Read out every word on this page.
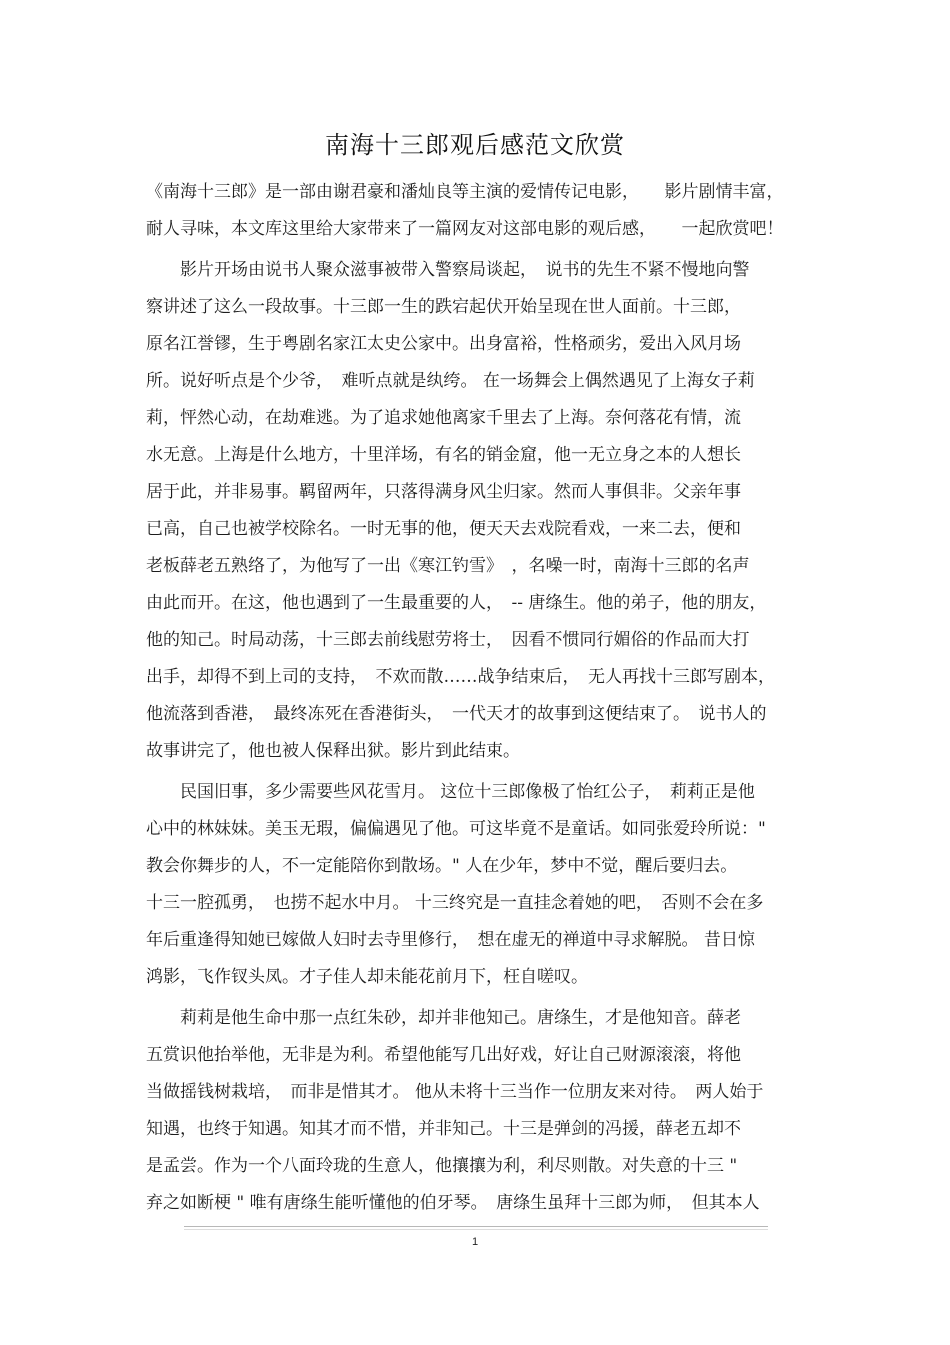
南海十三郎观后感范文欣赏
《南海十三郎》是一部由谢君豪和潘灿良等主演的爱情传记电影，　　影片剧情丰富，
耐人寻味，本文库这里给大家带来了一篇网友对这部电影的观后感，　　一起欣赏吧！
影片开场由说书人聚众滋事被带入警察局谈起，　说书的先生不紧不慢地向警
察讲述了这么一段故事。十三郎一生的跌宕起伏开始呈现在世人面前。十三郎，
原名江誉镠，生于粤剧名家江太史公家中。出身富裕，性格顽劣，爱出入风月场
所。说好听点是个少爷，　难听点就是纨绔。 在一场舞会上偶然遇见了上海女子莉
莉，怦然心动，在劫难逃。为了追求她他离家千里去了上海。奈何落花有情，流
水无意。上海是什么地方，十里洋场，有名的销金窟，他一无立身之本的人想长
居于此，并非易事。羁留两年，只落得满身风尘归家。然而人事俱非。父亲年事
已高，自己也被学校除名。一时无事的他，便天天去戏院看戏，一来二去，便和
老板薛老五熟络了，为他写了一出《寒江钓雪》　，名噪一时，南海十三郎的名声
由此而开。在这，他也遇到了一生最重要的人，　-- 唐绦生。他的弟子，他的朋友，
他的知己。时局动荡，十三郎去前线慰劳将士，　因看不惯同行媚俗的作品而大打
出手，却得不到上司的支持，　不欢而散……战争结束后，　无人再找十三郎写剧本，
他流落到香港，　最终冻死在香港街头，　一代天才的故事到这便结束了。　说书人的
故事讲完了，他也被人保释出狱。影片到此结束。
民国旧事，多少需要些风花雪月。 这位十三郎像极了怡红公子，　莉莉正是他
心中的林妹妹。美玉无瑕，偏偏遇见了他。可这毕竟不是童话。如同张爱玲所说："
教会你舞步的人，不一定能陪你到散场。" 人在少年，梦中不觉，醒后要归去。
十三一腔孤勇，　也捞不起水中月。 十三终究是一直挂念着她的吧，　否则不会在多
年后重逢得知她已嫁做人妇时去寺里修行，　想在虚无的禅道中寻求解脱。 昔日惊
鸿影，飞作钗头凤。才子佳人却未能花前月下，枉自嗟叹。
莉莉是他生命中那一点红朱砂，却并非他知己。唐绦生，才是他知音。薛老
五赏识他抬举他，无非是为利。希望他能写几出好戏，好让自己财源滚滚，将他
当做摇钱树栽培，　而非是惜其才。 他从未将十三当作一位朋友来对待。　两人始于
知遇，也终于知遇。知其才而不惜，并非知己。十三是弹剑的冯援，薛老五却不
是孟尝。作为一个八面玲珑的生意人，他攘攘为利，利尽则散。对失意的十三 "
弃之如断梗 " 唯有唐绦生能听懂他的伯牙琴。　唐绦生虽拜十三郎为师，　但其本人
1
